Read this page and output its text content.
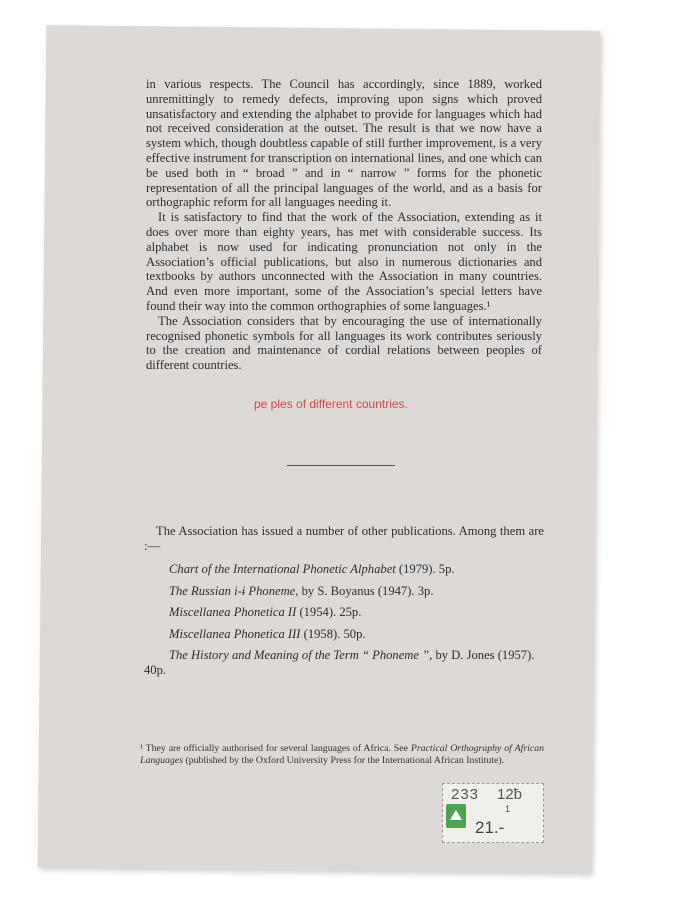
in various respects. The Council has accordingly, since 1889, worked unremittingly to remedy defects, improving upon signs which proved unsatisfactory and extending the alphabet to provide for languages which had not received consideration at the outset. The result is that we now have a system which, though doubtless capable of still further improvement, is a very effective instrument for transcription on international lines, and one which can be used both in “ broad ” and in “ narrow ” forms for the phonetic representation of all the principal languages of the world, and as a basis for orthographic reform for all languages needing it.

It is satisfactory to find that the work of the Association, extending as it does over more than eighty years, has met with considerable success. Its alphabet is now used for indicating pronunciation not only in the Association’s official publications, but also in numerous dictionaries and textbooks by authors unconnected with the Association in many countries. And even more important, some of the Association’s special letters have found their way into the common orthographies of some languages.¹

The Association considers that by encouraging the use of internationally recognised phonetic symbols for all languages its work contributes seriously to the creation and maintenance of cordial relations between peoples of different countries.

pe ples of different countries.

The Association has issued a number of other publications. Among them are :—

Chart of the International Phonetic Alphabet (1979). 5p.

The Russian i-ɨ Phoneme, by S. Boyanus (1947). 3p.

Miscellanea Phonetica II (1954). 25p.

Miscellanea Phonetica III (1958). 50p.

The History and Meaning of the Term “ Phoneme ”, by D. Jones (1957). 40p.

¹ They are officially authorised for several languages of Africa. See Practical Orthography of African Languages (published by the Oxford University Press for the International African Institute).
233 12ƀ
1
21.-
